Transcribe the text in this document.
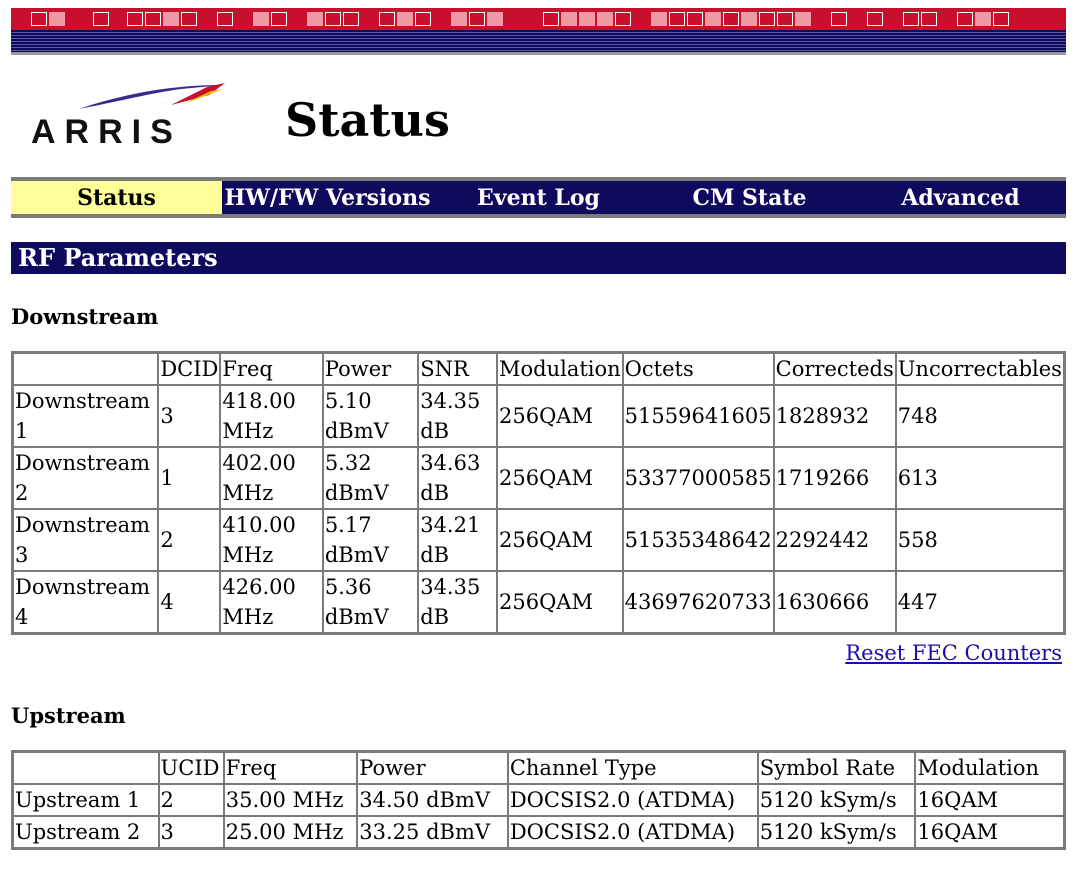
ARRIS Status
Status	HW/FW Versions	Event Log	CM State	Advanced
RF Parameters

Downstream

	DCID	Freq	Power	SNR	Modulation	Octets	Correcteds	Uncorrectables
Downstream 1	3	418.00 MHz	5.10 dBmV	34.35 dB	256QAM	51559641605	1828932	748
Downstream 2	1	402.00 MHz	5.32 dBmV	34.63 dB	256QAM	53377000585	1719266	613
Downstream 3	2	410.00 MHz	5.17 dBmV	34.21 dB	256QAM	51535348642	2292442	558
Downstream 4	4	426.00 MHz	5.36 dBmV	34.35 dB	256QAM	43697620733	1630666	447
Reset FEC Counters

Upstream

	UCID	Freq	Power	Channel Type	Symbol Rate	Modulation
Upstream 1	2	35.00 MHz	34.50 dBmV	DOCSIS2.0 (ATDMA)	5120 kSym/s	16QAM
Upstream 2	3	25.00 MHz	33.25 dBmV	DOCSIS2.0 (ATDMA)	5120 kSym/s	16QAM
